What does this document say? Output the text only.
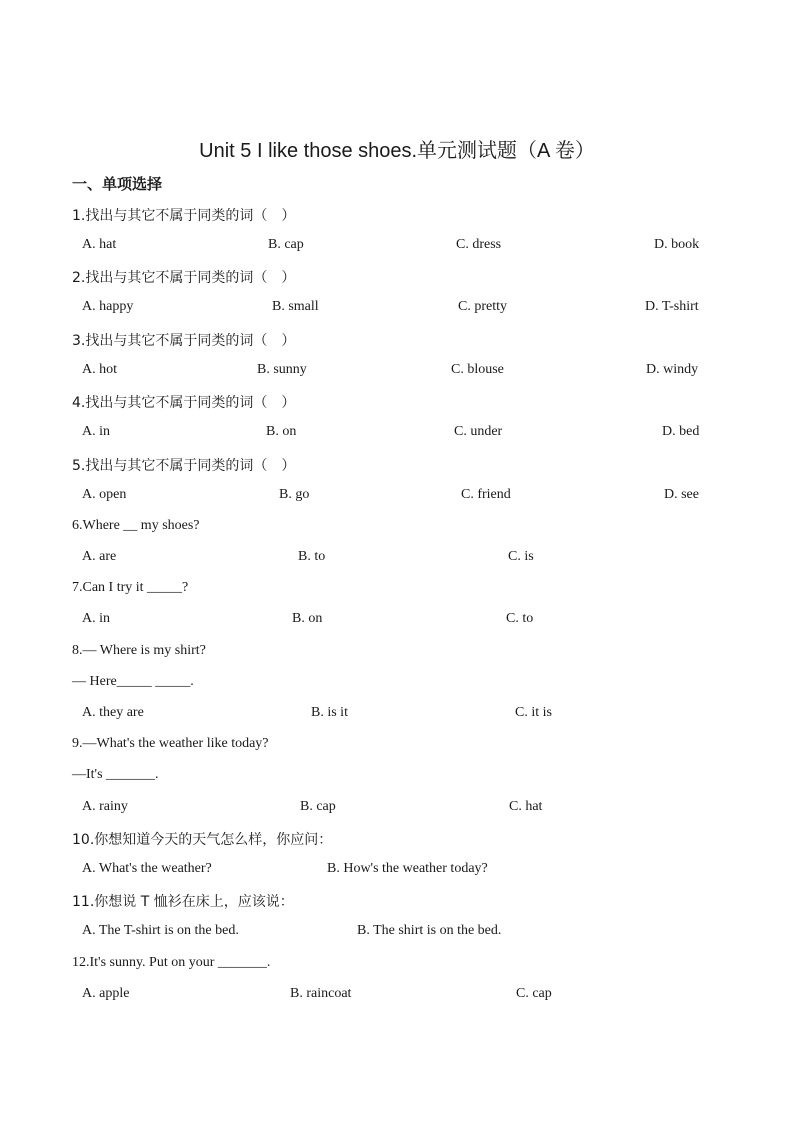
Unit 5 I like those shoes.单元测试题（A 卷）
一、单项选择
1.找出与其它不属于同类的词（　）
A. hat	B. cap	C. dress	D. book
2.找出与其它不属于同类的词（　）
A. happy	B. small	C. pretty	D. T-shirt
3.找出与其它不属于同类的词（　）
A. hot	B. sunny	C. blouse	D. windy
4.找出与其它不属于同类的词（　）
A. in	B. on	C. under	D. bed
5.找出与其它不属于同类的词（　）
A. open	B. go	C. friend	D. see
6.Where __ my shoes?
A. are	B. to	C. is
7.Can I try it _____?
A. in	B. on	C. to
8.— Where is my shirt?
— Here_____ _____.
A. they are	B. is it	C. it is
9.—What's the weather like today?
—It's _______.
A. rainy	B. cap	C. hat
10.你想知道今天的天气怎么样，你应问：
A. What's the weather?	B. How's the weather today?
11.你想说 T 恤衫在床上，应该说：
A. The T-shirt is on the bed.	B. The shirt is on the bed.
12.It's sunny. Put on your _______.
A. apple	B. raincoat	C. cap
